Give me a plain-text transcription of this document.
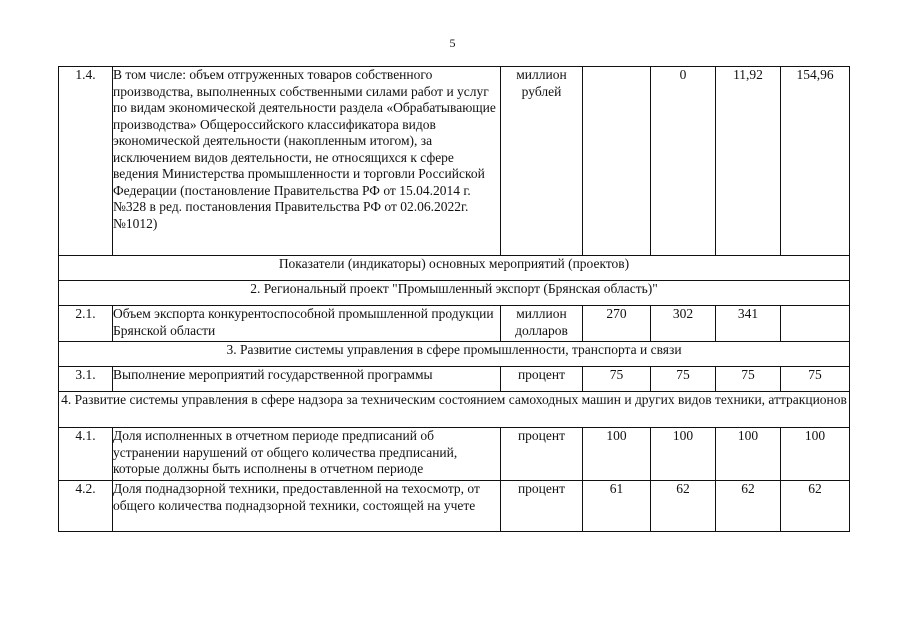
5
1.4.	В том числе: объем отгруженных товаров собственного производства, выполненных собственными силами работ и услуг по видам экономической деятельности раздела «Обрабатывающие производства» Общероссийского классификатора видов экономической деятельности (накопленным итогом), за исключением видов деятельности, не относящихся к сфере ведения Министерства промышленности и торговли Российской Федерации (постановление Правительства РФ от 15.04.2014 г. №328 в ред. постановления Правительства РФ от 02.06.2022г. №1012)	миллион рублей		0	11,92	154,96
Показатели (индикаторы) основных мероприятий (проектов)						
2. Региональный проект "Промышленный экспорт (Брянская область)"						
2.1.	Объем экспорта конкурентоспособной промышленной продукции Брянской области	миллион долларов	270	302	341	
3. Развитие системы управления в сфере промышленности, транспорта и связи						
3.1.	Выполнение мероприятий государственной программы	процент	75	75	75	75
4. Развитие системы управления в сфере надзора за техническим состоянием самоходных машин и других видов техники, аттракционов						
4.1.	Доля исполненных в отчетном периоде предписаний об устранении нарушений от общего количества предписаний, которые должны быть исполнены в отчетном периоде	процент	100	100	100	100
4.2.	Доля поднадзорной техники, предоставленной на техосмотр, от общего количества поднадзорной техники, состоящей на учете	процент	61	62	62	62
